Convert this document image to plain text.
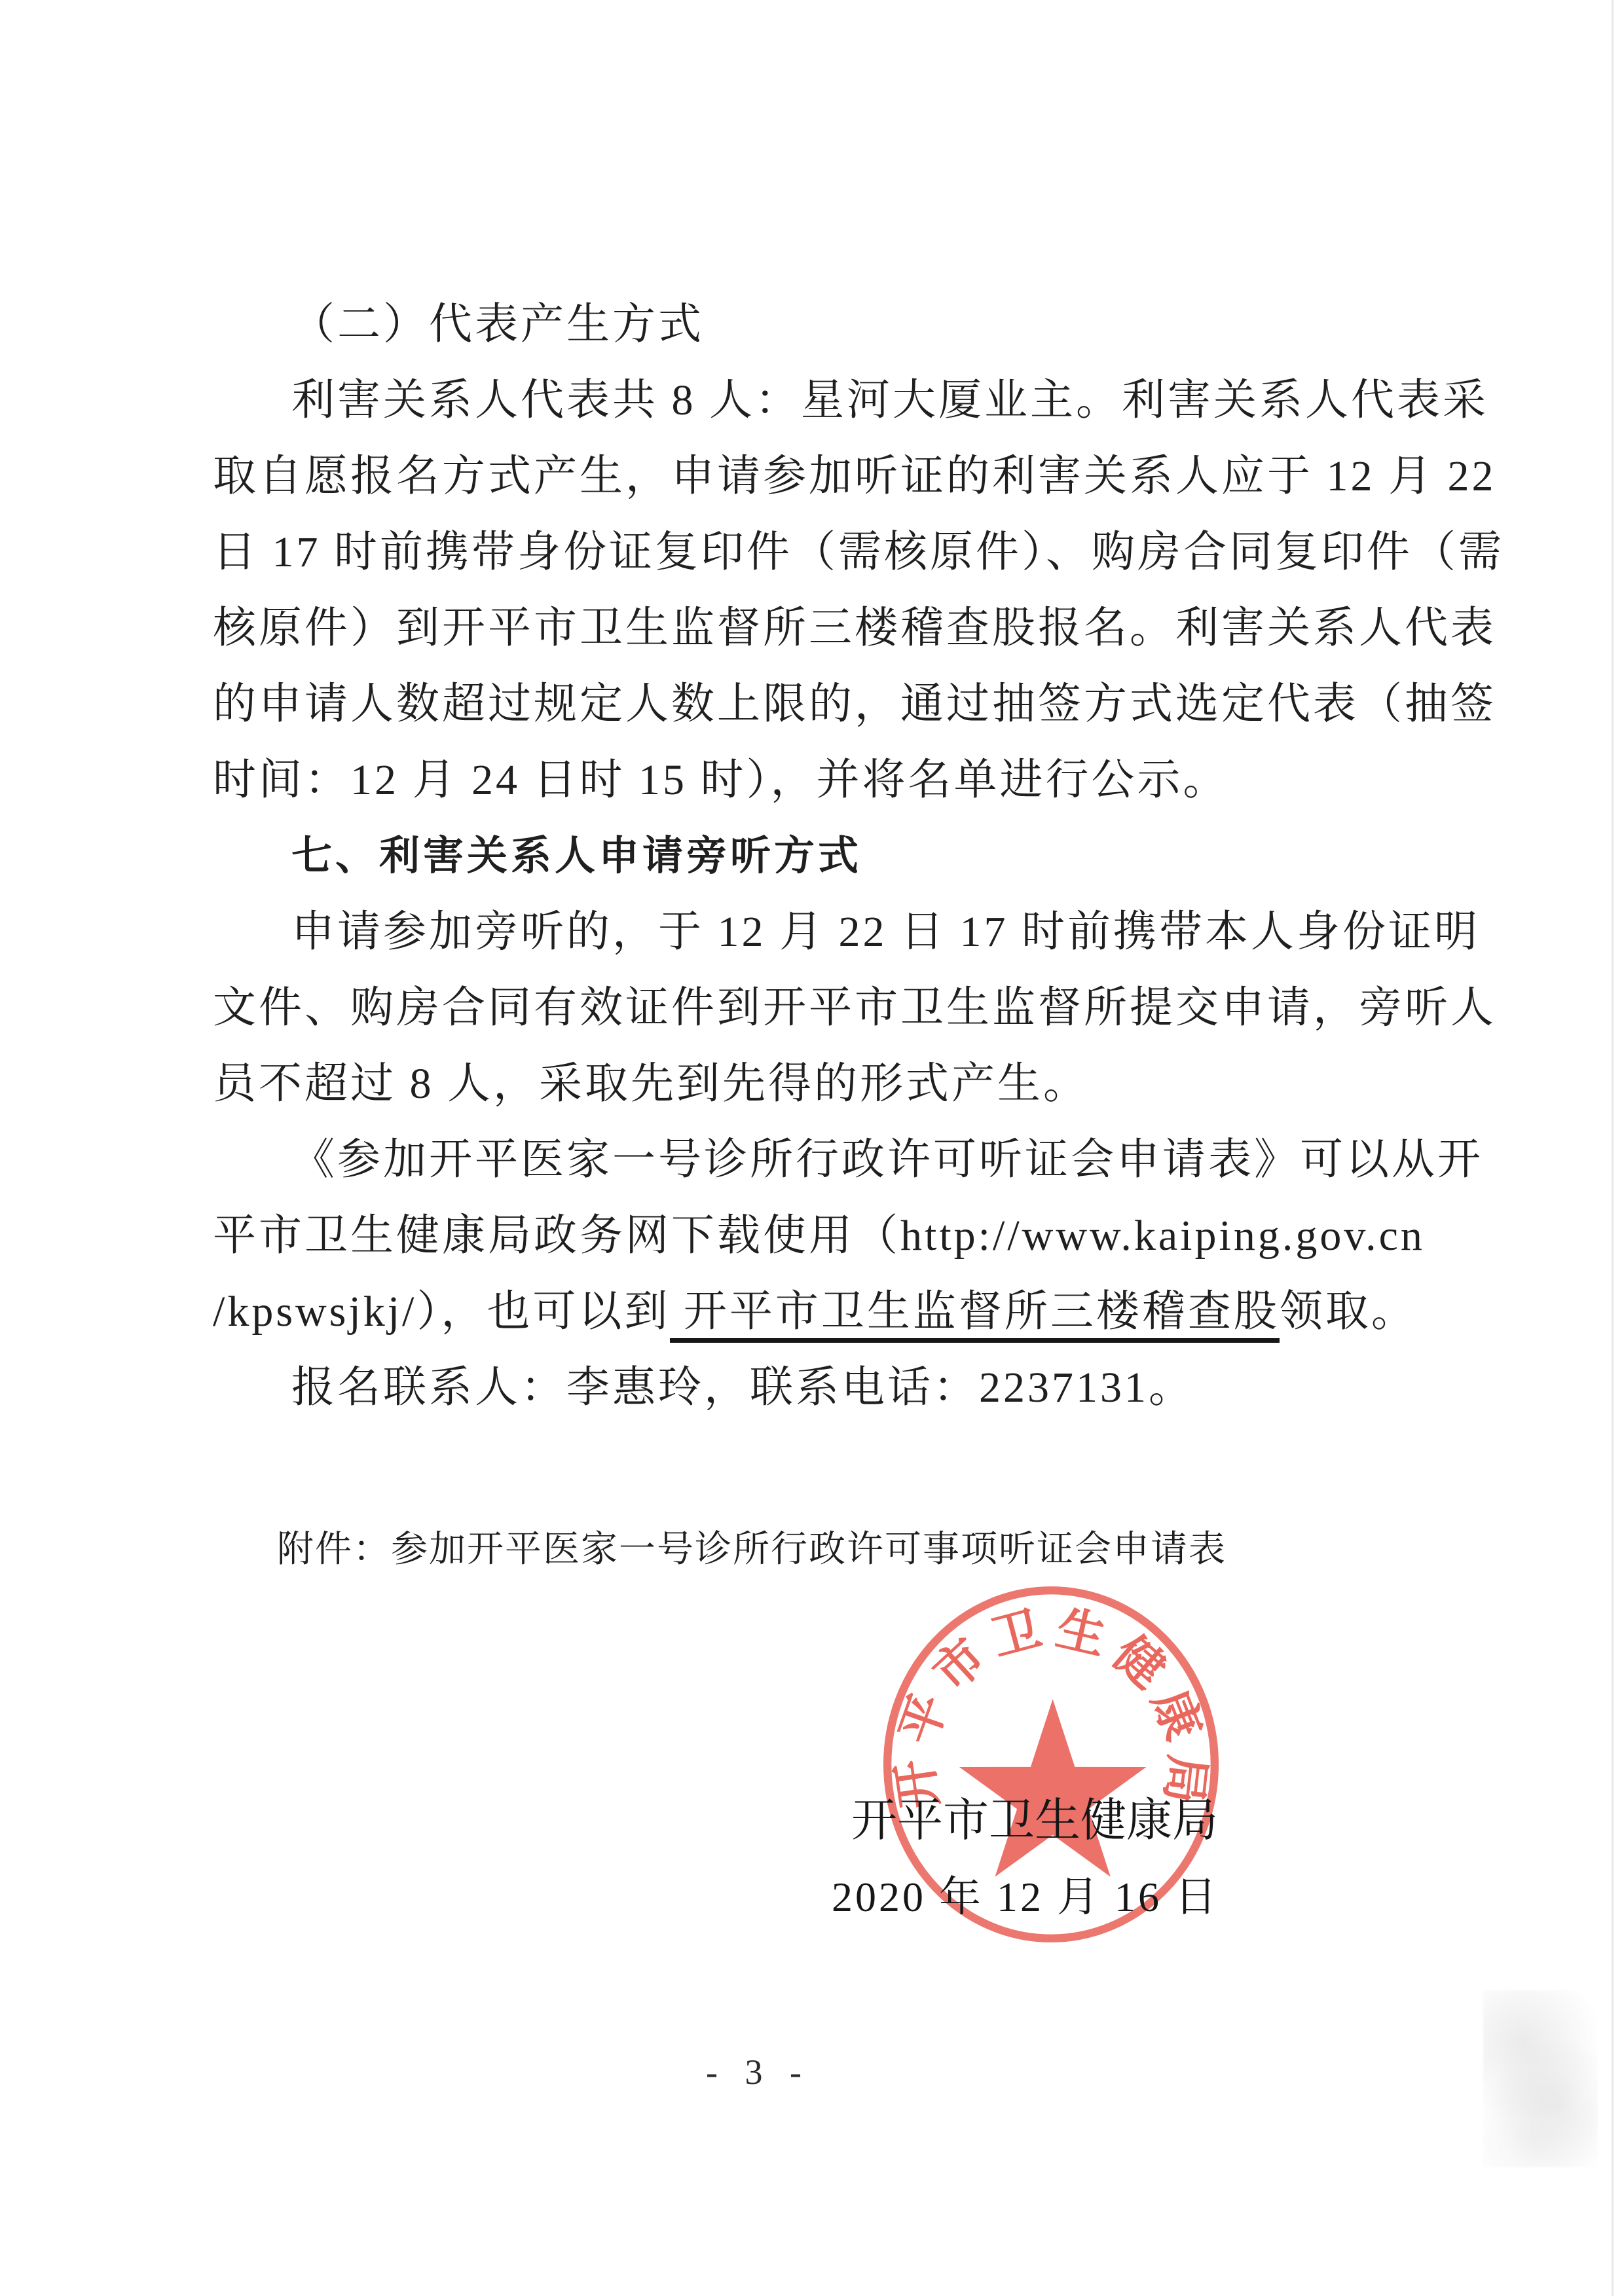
（二）代表产生方式
利害关系人代表共 8 人：星河大厦业主。利害关系人代表采
取自愿报名方式产生，申请参加听证的利害关系人应于 12 月 22
日 17 时前携带身份证复印件（需核原件）、购房合同复印件（需
核原件）到开平市卫生监督所三楼稽查股报名。利害关系人代表
的申请人数超过规定人数上限的，通过抽签方式选定代表（抽签
时间：12 月 24 日时 15 时），并将名单进行公示。
七、利害关系人申请旁听方式
申请参加旁听的，于 12 月 22 日 17 时前携带本人身份证明
文件、购房合同有效证件到开平市卫生监督所提交申请，旁听人
员不超过 8 人，采取先到先得的形式产生。
《参加开平医家一号诊所行政许可听证会申请表》可以从开
平市卫生健康局政务网下载使用（http://www.kaiping.gov.cn
/kpswsjkj/），也可以到 开平市卫生监督所三楼稽查股领取。
报名联系人：李惠玲，联系电话：2237131。
附件：参加开平医家一号诊所行政许可事项听证会申请表
开平市卫生健康局
开平市卫生健康局
2020 年 12 月 16 日
- 3 -
